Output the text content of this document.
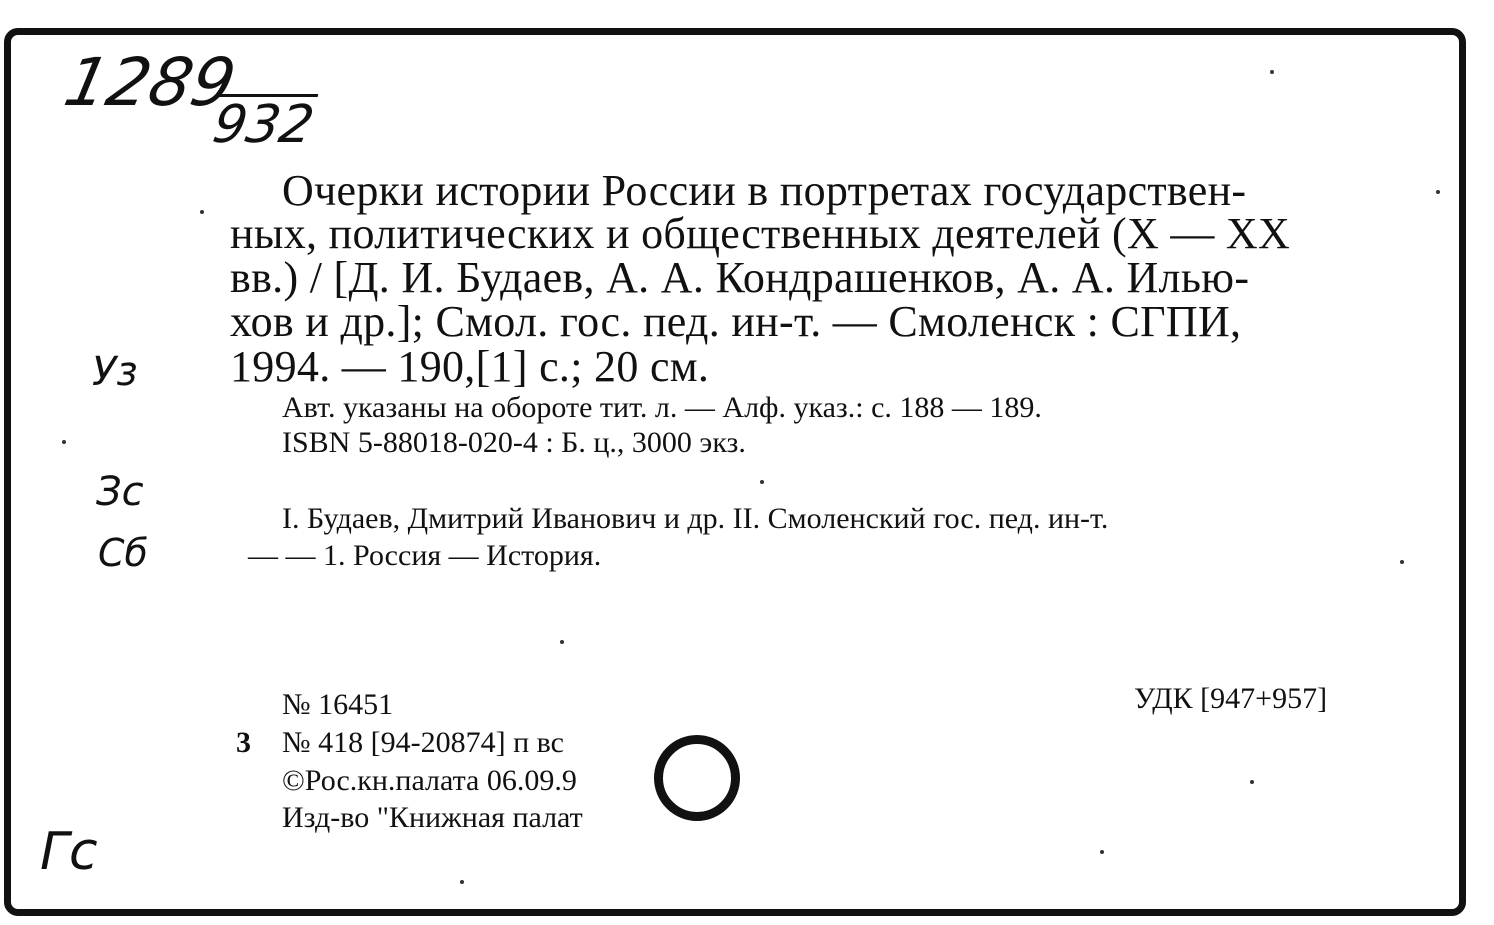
1289
932
Уз
Зс
Сб
Гс
Очерки истории России в портретах государствен-
ных, политических и общественных деятелей (X — XX
вв.) / [Д. И. Будаев, А. А. Кондрашенков, А. А. Илью-
хов и др.]; Смол. гос. пед. ин-т. — Смоленск : СГПИ,
1994. — 190,[1] с.; 20 см.
Авт. указаны на обороте тит. л. — Алф. указ.: с. 188 — 189.
ISBN 5-88018-020-4 : Б. ц., 3000 экз.
I. Будаев, Дмитрий Иванович и др. II. Смоленский гос. пед. ин-т.
— — 1. Россия — История.
№ 16451	УДК [947+957]
3 № 418 [94-20874] п вс
©Рос.кн.палата 06.09.9
Изд-во "Книжная палат
